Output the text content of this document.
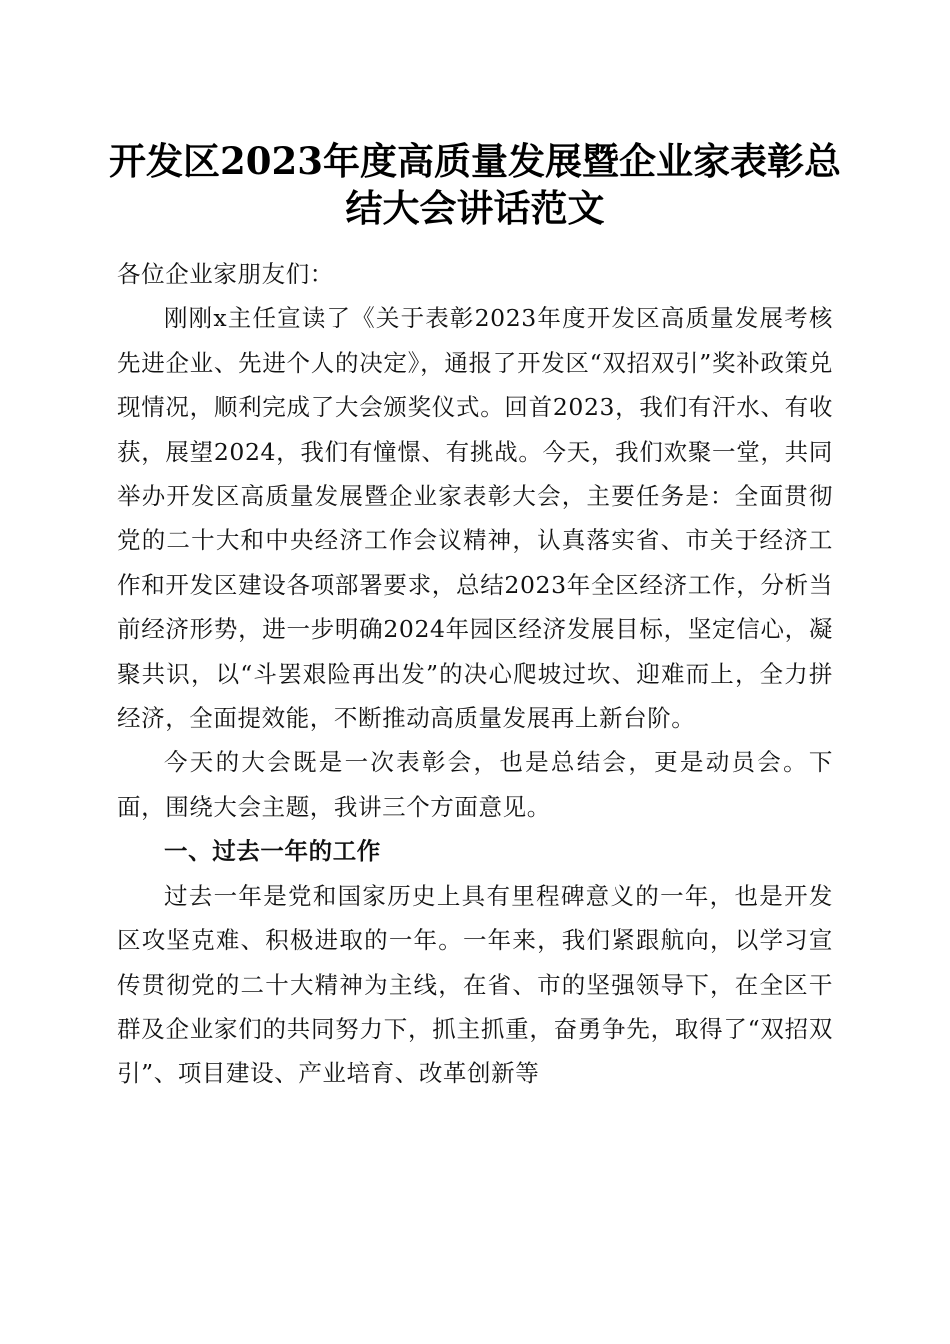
开发区2023年度高质量发展暨企业家表彰总
结大会讲话范文

各位企业家朋友们：

刚刚x主任宣读了《关于表彰2023年度开发区高质量发展考核先进企业、先进个人的决定》，通报了开发区“双招双引”奖补政策兑现情况，顺利完成了大会颁奖仪式。回首2023，我们有汗水、有收获，展望2024，我们有憧憬、有挑战。今天，我们欢聚一堂，共同举办开发区高质量发展暨企业家表彰大会，主要任务是：全面贯彻党的二十大和中央经济工作会议精神，认真落实省、市关于经济工作和开发区建设各项部署要求，总结2023年全区经济工作，分析当前经济形势，进一步明确2024年园区经济发展目标，坚定信心，凝聚共识，以“斗罢艰险再出发”的决心爬坡过坎、迎难而上，全力拼经济，全面提效能，不断推动高质量发展再上新台阶。

今天的大会既是一次表彰会，也是总结会，更是动员会。下面，围绕大会主题，我讲三个方面意见。

一、过去一年的工作

过去一年是党和国家历史上具有里程碑意义的一年，也是开发区攻坚克难、积极进取的一年。一年来，我们紧跟航向，以学习宣传贯彻党的二十大精神为主线，在省、市的坚强领导下，在全区干群及企业家们的共同努力下，抓主抓重，奋勇争先，取得了“双招双引”、项目建设、产业培育、改革创新等
